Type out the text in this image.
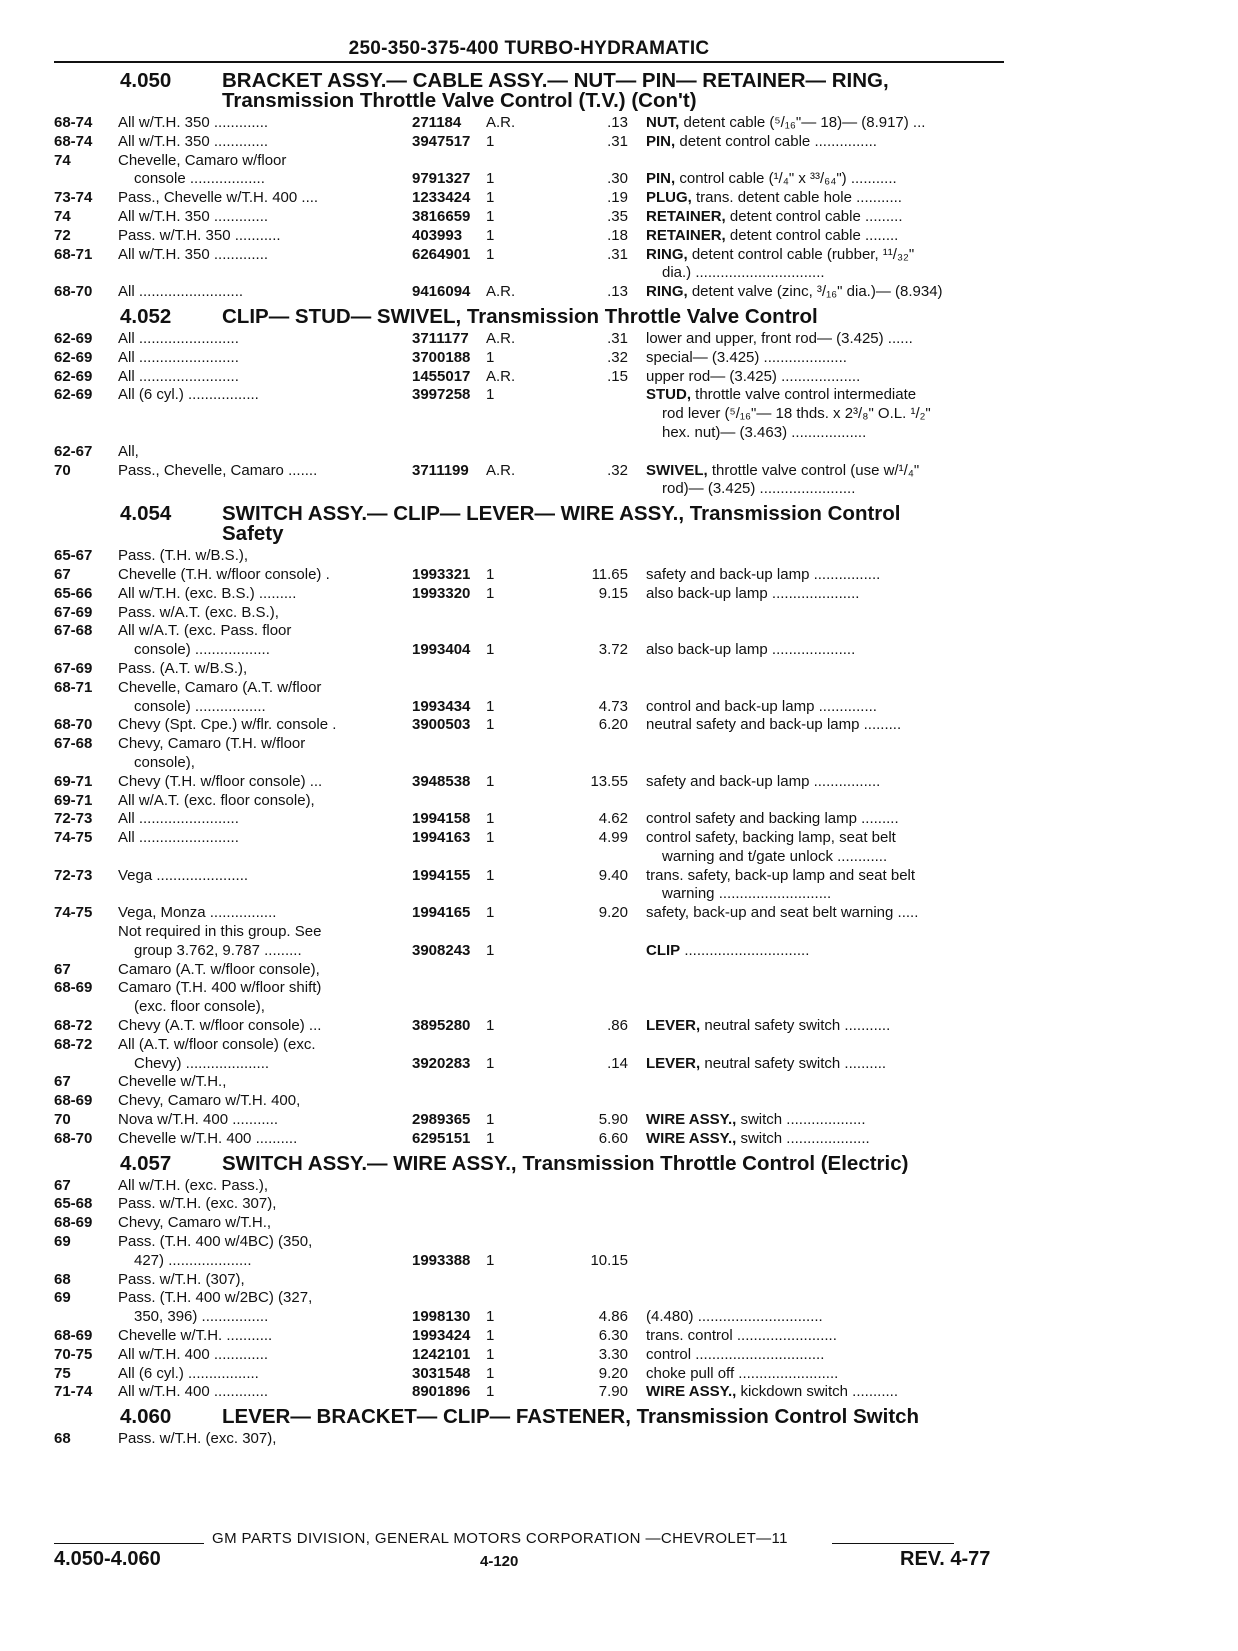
250-350-375-400 TURBO-HYDRAMATIC
4.050 BRACKET ASSY.— CABLE ASSY.— NUT— PIN— RETAINER— RING,
Transmission Throttle Valve Control (T.V.) (Con't)
68-74 All w/T.H. 350 .............	271184 A.R.	.13 NUT, detent cable (⁵/₁₆"— 18)— (8.917) ...
68-74 All w/T.H. 350 .............	3947517 1	.31 PIN, detent control cable ...............
74	Chevelle, Camaro w/floor
console ..................	9791327 1	.30 PIN, control cable (¹/₄" x ³³/₆₄") ...........
73-74 Pass., Chevelle w/T.H. 400 ....	1233424 1	.19 PLUG, trans. detent cable hole ...........
74	All w/T.H. 350 .............	3816659 1	.35 RETAINER, detent control cable .........
72	Pass. w/T.H. 350 ...........	403993 1	.18 RETAINER, detent control cable ........
68-71 All w/T.H. 350 .............	6264901 1	.31 RING, detent control cable (rubber, ¹¹/₃₂"
dia.) ...............................
68-70 All .........................	9416094 A.R.	.13 RING, detent valve (zinc, ³/₁₆" dia.)— (8.934)
4.052 CLIP— STUD— SWIVEL, Transmission Throttle Valve Control
62-69 All ........................	3711177 A.R.	.31 lower and upper, front rod— (3.425) ......
62-69 All ........................	3700188 1	.32 special— (3.425) ....................
62-69 All ........................	1455017 A.R.	.15 upper rod— (3.425) ...................
62-69 All (6 cyl.) .................	3997258 1	STUD, throttle valve control intermediate
rod lever (⁵/₁₆"— 18 thds. x 2³/₈" O.L. ¹/₂"
hex. nut)— (3.463) ..................
62-67 All,
70	Pass., Chevelle, Camaro .......	3711199 A.R.	.32 SWIVEL, throttle valve control (use w/¹/₄"
rod)— (3.425) .......................
4.054 SWITCH ASSY.— CLIP— LEVER— WIRE ASSY., Transmission Control
Safety
65-67 Pass. (T.H. w/B.S.),
67	Chevelle (T.H. w/floor console) .	1993321 1	11.65 safety and back-up lamp ................
65-66 All w/T.H. (exc. B.S.) .........	1993320 1	9.15 also back-up lamp .....................
67-69 Pass. w/A.T. (exc. B.S.),
67-68 All w/A.T. (exc. Pass. floor
console) ..................	1993404 1	3.72 also back-up lamp ....................
67-69 Pass. (A.T. w/B.S.),
68-71 Chevelle, Camaro (A.T. w/floor
console) .................	1993434 1	4.73 control and back-up lamp ..............
68-70 Chevy (Spt. Cpe.) w/flr. console .	3900503 1	6.20 neutral safety and back-up lamp .........
67-68 Chevy, Camaro (T.H. w/floor
console),
69-71 Chevy (T.H. w/floor console) ...	3948538 1	13.55 safety and back-up lamp ................
69-71 All w/A.T. (exc. floor console),
72-73 All ........................	1994158 1	4.62 control safety and backing lamp .........
74-75 All ........................	1994163 1	4.99 control safety, backing lamp, seat belt
warning and t/gate unlock ............
72-73 Vega ......................	1994155 1	9.40 trans. safety, back-up lamp and seat belt
warning ...........................
74-75 Vega, Monza ................	1994165 1	9.20 safety, back-up and seat belt warning .....
Not required in this group. See
group 3.762, 9.787 .........	3908243 1	CLIP ..............................
67	Camaro (A.T. w/floor console),
68-69 Camaro (T.H. 400 w/floor shift)
(exc. floor console),
68-72 Chevy (A.T. w/floor console) ...	3895280 1	.86 LEVER, neutral safety switch ...........
68-72 All (A.T. w/floor console) (exc.
Chevy) ....................	3920283 1	.14 LEVER, neutral safety switch ..........
67	Chevelle w/T.H.,
68-69 Chevy, Camaro w/T.H. 400,
70	Nova w/T.H. 400 ...........	2989365 1	5.90 WIRE ASSY., switch ...................
68-70 Chevelle w/T.H. 400 ..........	6295151 1	6.60 WIRE ASSY., switch ....................
4.057 SWITCH ASSY.— WIRE ASSY., Transmission Throttle Control (Electric)
67	All w/T.H. (exc. Pass.),
65-68 Pass. w/T.H. (exc. 307),
68-69 Chevy, Camaro w/T.H.,
69	Pass. (T.H. 400 w/4BC) (350,
427) ....................	1993388 1	10.15
68	Pass. w/T.H. (307),
69	Pass. (T.H. 400 w/2BC) (327,
350, 396) ................	1998130 1	4.86 (4.480) ..............................
68-69 Chevelle w/T.H. ...........	1993424 1	6.30 trans. control ........................
70-75 All w/T.H. 400 .............	1242101 1	3.30 control ...............................
75	All (6 cyl.) .................	3031548 1	9.20 choke pull off ........................
71-74 All w/T.H. 400 .............	8901896 1	7.90 WIRE ASSY., kickdown switch ...........
4.060 LEVER— BRACKET— CLIP— FASTENER, Transmission Control Switch
68	Pass. w/T.H. (exc. 307),
GM PARTS DIVISION, GENERAL MOTORS CORPORATION —CHEVROLET—11
4.050-4.060	4-120	REV. 4-77
